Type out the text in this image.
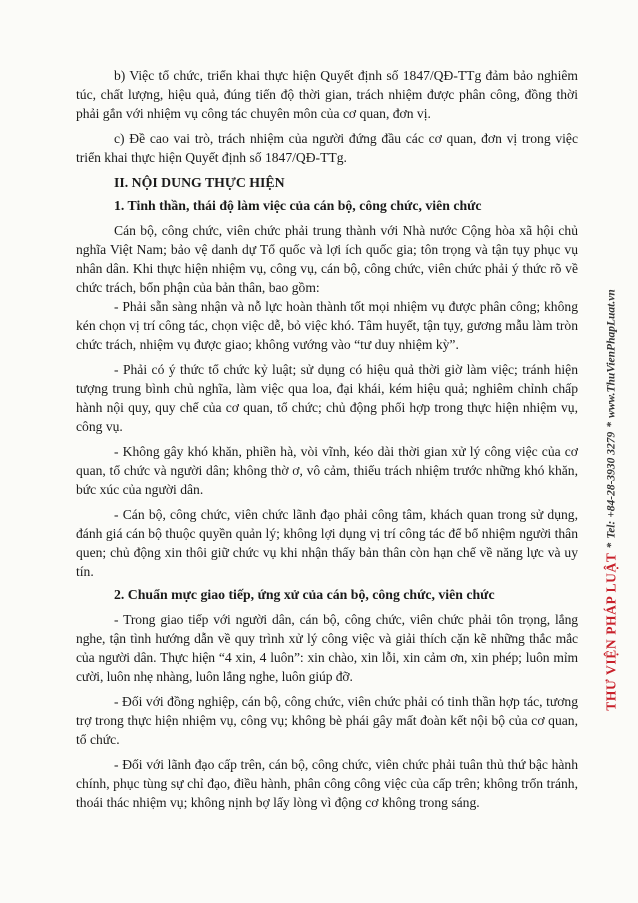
b) Việc tổ chức, triển khai thực hiện Quyết định số 1847/QĐ-TTg đảm bảo nghiêm túc, chất lượng, hiệu quả, đúng tiến độ thời gian, trách nhiệm được phân công, đồng thời phải gắn với nhiệm vụ công tác chuyên môn của cơ quan, đơn vị.

c) Đề cao vai trò, trách nhiệm của người đứng đầu các cơ quan, đơn vị trong việc triển khai thực hiện Quyết định số 1847/QĐ-TTg.

II. NỘI DUNG THỰC HIỆN

1. Tinh thần, thái độ làm việc của cán bộ, công chức, viên chức

Cán bộ, công chức, viên chức phải trung thành với Nhà nước Cộng hòa xã hội chủ nghĩa Việt Nam; bảo vệ danh dự Tổ quốc và lợi ích quốc gia; tôn trọng và tận tụy phục vụ nhân dân. Khi thực hiện nhiệm vụ, công vụ, cán bộ, công chức, viên chức phải ý thức rõ về chức trách, bổn phận của bản thân, bao gồm:

- Phải sẵn sàng nhận và nỗ lực hoàn thành tốt mọi nhiệm vụ được phân công; không kén chọn vị trí công tác, chọn việc dễ, bỏ việc khó. Tâm huyết, tận tụy, gương mẫu làm tròn chức trách, nhiệm vụ được giao; không vướng vào “tư duy nhiệm kỳ”.

- Phải có ý thức tổ chức kỷ luật; sử dụng có hiệu quả thời giờ làm việc; tránh hiện tượng trung bình chủ nghĩa, làm việc qua loa, đại khái, kém hiệu quả; nghiêm chỉnh chấp hành nội quy, quy chế của cơ quan, tổ chức; chủ động phối hợp trong thực hiện nhiệm vụ, công vụ.

- Không gây khó khăn, phiền hà, vòi vĩnh, kéo dài thời gian xử lý công việc của cơ quan, tổ chức và người dân; không thờ ơ, vô cảm, thiếu trách nhiệm trước những khó khăn, bức xúc của người dân.

- Cán bộ, công chức, viên chức lãnh đạo phải công tâm, khách quan trong sử dụng, đánh giá cán bộ thuộc quyền quản lý; không lợi dụng vị trí công tác để bổ nhiệm người thân quen; chủ động xin thôi giữ chức vụ khi nhận thấy bản thân còn hạn chế về năng lực và uy tín.

2. Chuẩn mực giao tiếp, ứng xử của cán bộ, công chức, viên chức

- Trong giao tiếp với người dân, cán bộ, công chức, viên chức phải tôn trọng, lắng nghe, tận tình hướng dẫn về quy trình xử lý công việc và giải thích cặn kẽ những thắc mắc của người dân. Thực hiện “4 xin, 4 luôn”: xin chào, xin lỗi, xin cảm ơn, xin phép; luôn mỉm cười, luôn nhẹ nhàng, luôn lắng nghe, luôn giúp đỡ.

- Đối với đồng nghiệp, cán bộ, công chức, viên chức phải có tinh thần hợp tác, tương trợ trong thực hiện nhiệm vụ, công vụ; không bè phái gây mất đoàn kết nội bộ của cơ quan, tổ chức.

- Đối với lãnh đạo cấp trên, cán bộ, công chức, viên chức phải tuân thủ thứ bậc hành chính, phục tùng sự chỉ đạo, điều hành, phân công công việc của cấp trên; không trốn tránh, thoái thác nhiệm vụ; không nịnh bợ lấy lòng vì động cơ không trong sáng.

THƯ VIỆN PHÁP LUẬT
*
Tel: +84-28-3930 3279
*
www.ThuVienPhapLuat.vn
